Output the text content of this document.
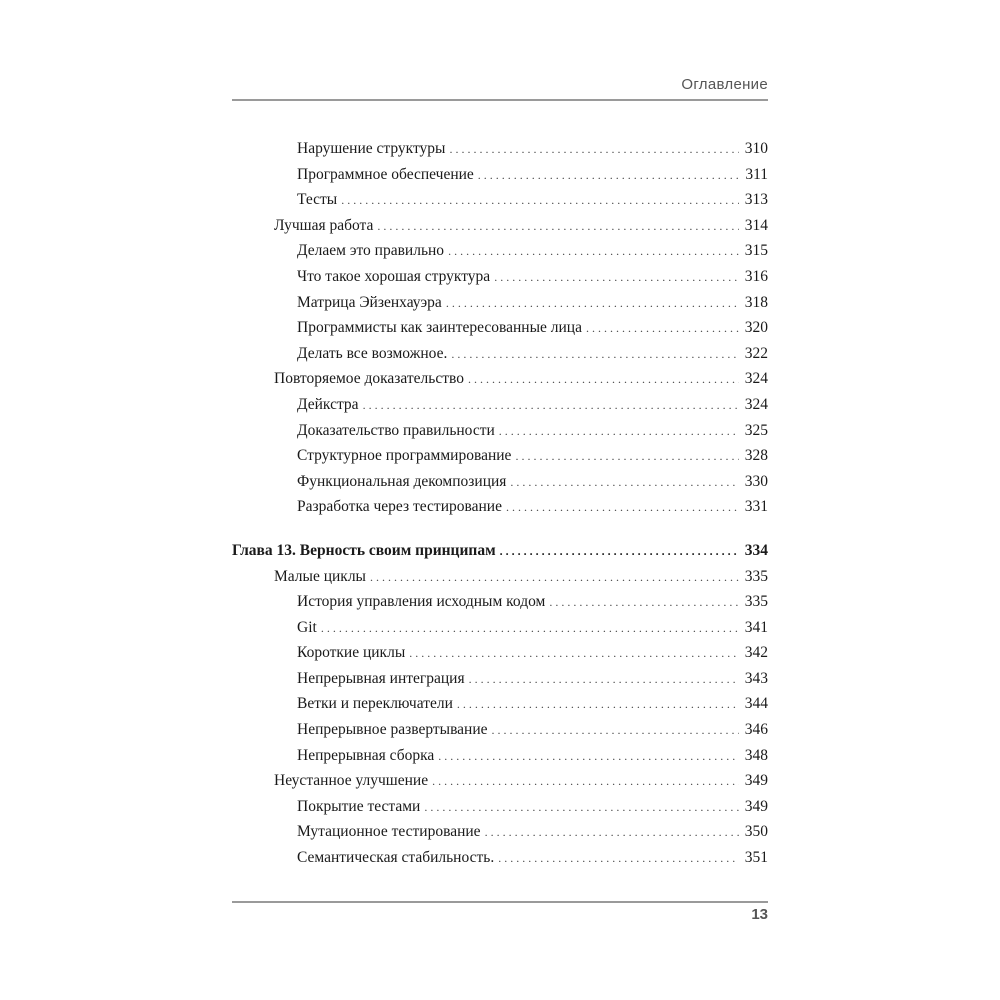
Оглавление
Нарушение структуры . . .	310
Программное обеспечение . . .	311
Тесты . . .	313
Лучшая работа . . .	314
Делаем это правильно . . .	315
Что такое хорошая структура . . .	316
Матрица Эйзенхауэра . . .	318
Программисты как заинтересованные лица . . .	320
Делать все возможное. . . .	322
Повторяемое доказательство . . .	324
Дейкстра . . .	324
Доказательство правильности . . .	325
Структурное программирование . . .	328
Функциональная декомпозиция . . .	330
Разработка через тестирование . . .	331
Глава 13. Верность своим принципам . . .	334
Малые циклы . . .	335
История управления исходным кодом . . .	335
Git . . .	341
Короткие циклы . . .	342
Непрерывная интеграция . . .	343
Ветки и переключатели . . .	344
Непрерывное развертывание . . .	346
Непрерывная сборка . . .	348
Неустанное улучшение . . .	349
Покрытие тестами . . .	349
Мутационное тестирование . . .	350
Семантическая стабильность. . . .	351
13
